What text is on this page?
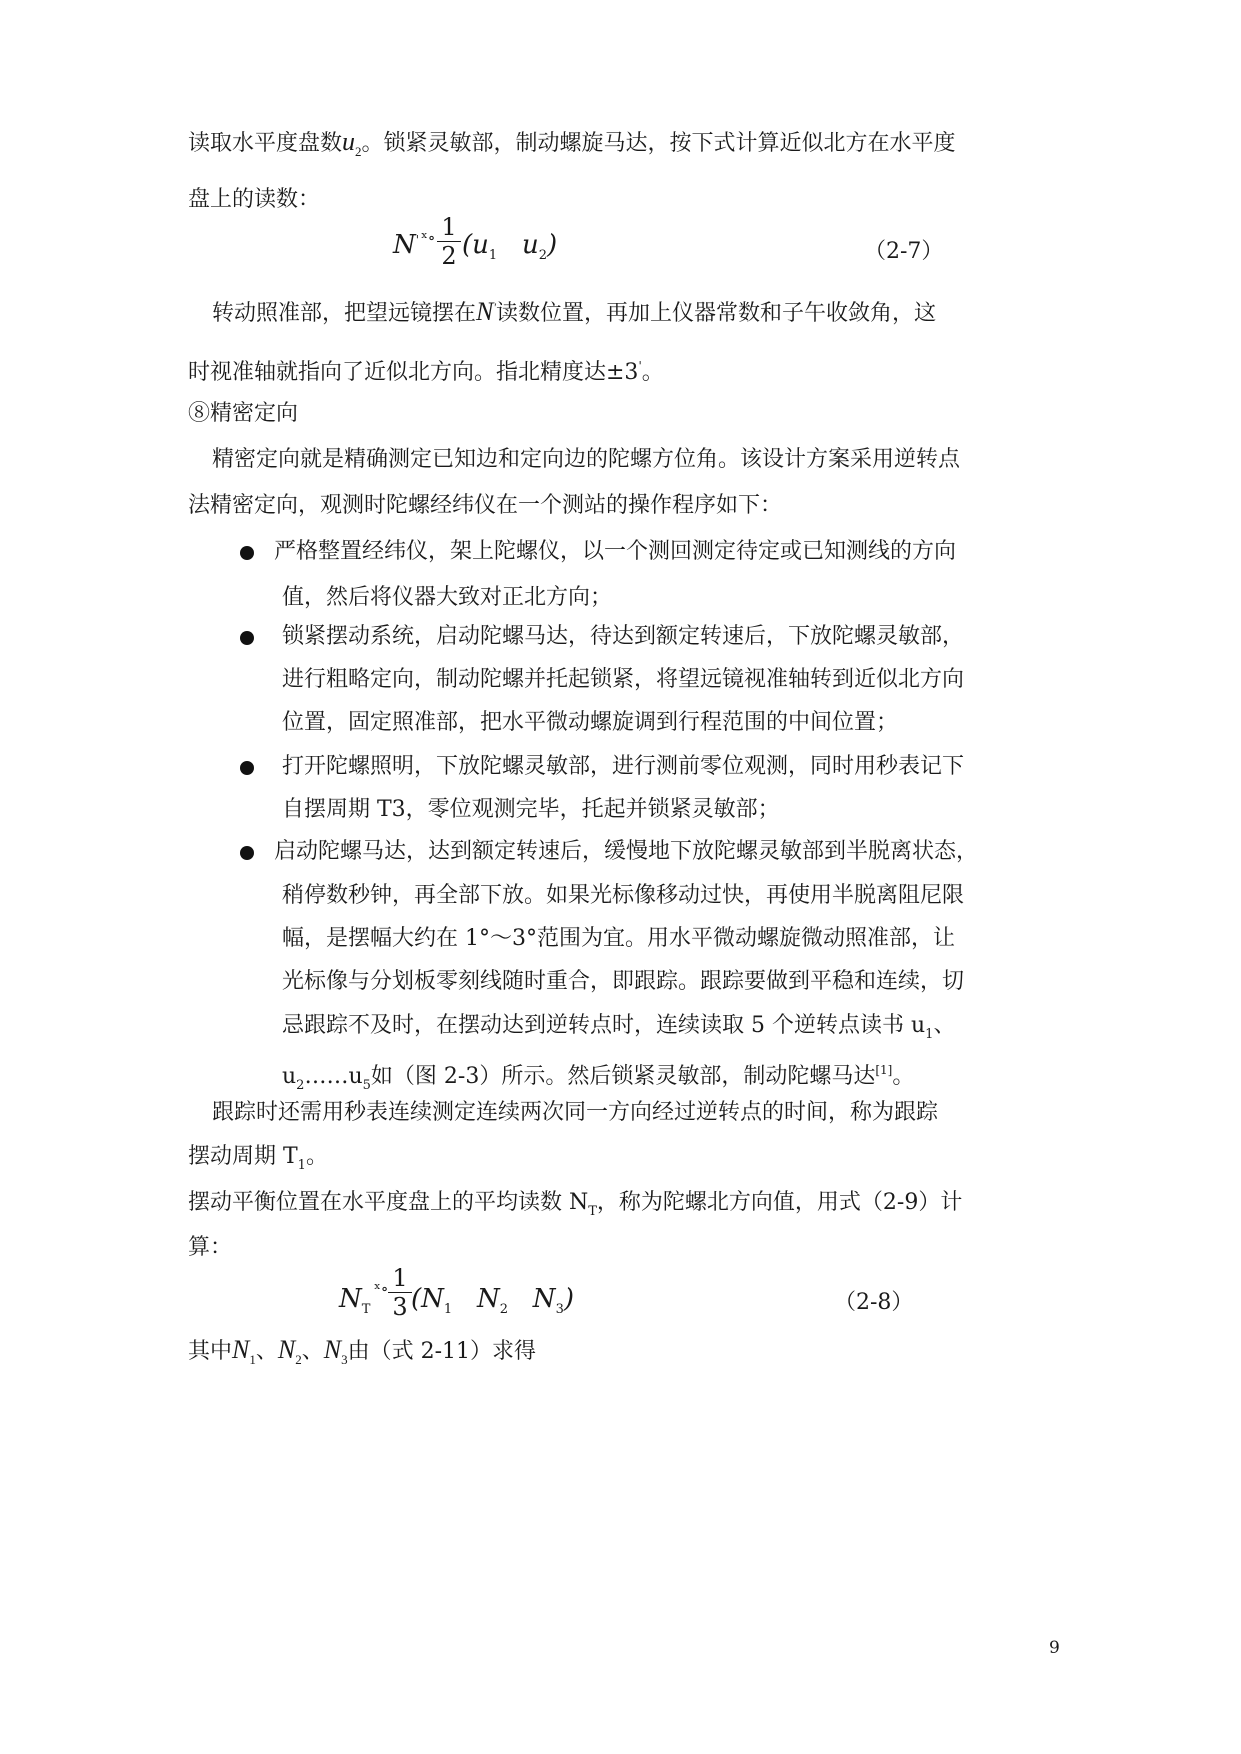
读取水平度盘数$u_2$。锁紧灵敏部，制动螺旋马达，按下式计算近似北方在水平度
盘上的读数：
N' ˣ∘ 1
2 ($u_1$   $u_2$)	（2-7）
转动照准部，把望远镜摆在N'读数位置，再加上仪器常数和子午收敛角，这
时视准轴就指向了近似北方向。指北精度达±3'。
⑧精密定向
精密定向就是精确测定已知边和定向边的陀螺方位角。该设计方案采用逆转点
法精密定向，观测时陀螺经纬仪在一个测站的操作程序如下：
严格整置经纬仪，架上陀螺仪，以一个测回测定待定或已知测线的方向
值，然后将仪器大致对正北方向；
锁紧摆动系统，启动陀螺马达，待达到额定转速后，下放陀螺灵敏部，
进行粗略定向，制动陀螺并托起锁紧，将望远镜视准轴转到近似北方向
位置，固定照准部，把水平微动螺旋调到行程范围的中间位置；
打开陀螺照明，下放陀螺灵敏部，进行测前零位观测，同时用秒表记下
自摆周期 T3，零位观测完毕，托起并锁紧灵敏部；
启动陀螺马达，达到额定转速后，缓慢地下放陀螺灵敏部到半脱离状态，
稍停数秒钟，再全部下放。如果光标像移动过快，再使用半脱离阻尼限
幅，是摆幅大约在 1°～3°范围为宜。用水平微动螺旋微动照准部，让
光标像与分划板零刻线随时重合，即跟踪。跟踪要做到平稳和连续，切
忌跟踪不及时，在摆动达到逆转点时，连续读取 5 个逆转点读书 $u_1$、
$u_2\dots\dots u_5$如（图 2-3）所示。然后锁紧灵敏部，制动陀螺马达[1]。
跟踪时还需用秒表连续测定连续两次同一方向经过逆转点的时间，称为跟踪
摆动周期 $T_1$。
摆动平衡位置在水平度盘上的平均读数 $N_T$，称为陀螺北方向值，用式（2-9）计
算：
$N_T$
ˣ∘ 1
3 ($N_1$   $N_2$   $N_3$)	（2-8）
其中$N_1$、$N_2$、$N_3$由（式 2-11）求得
9
